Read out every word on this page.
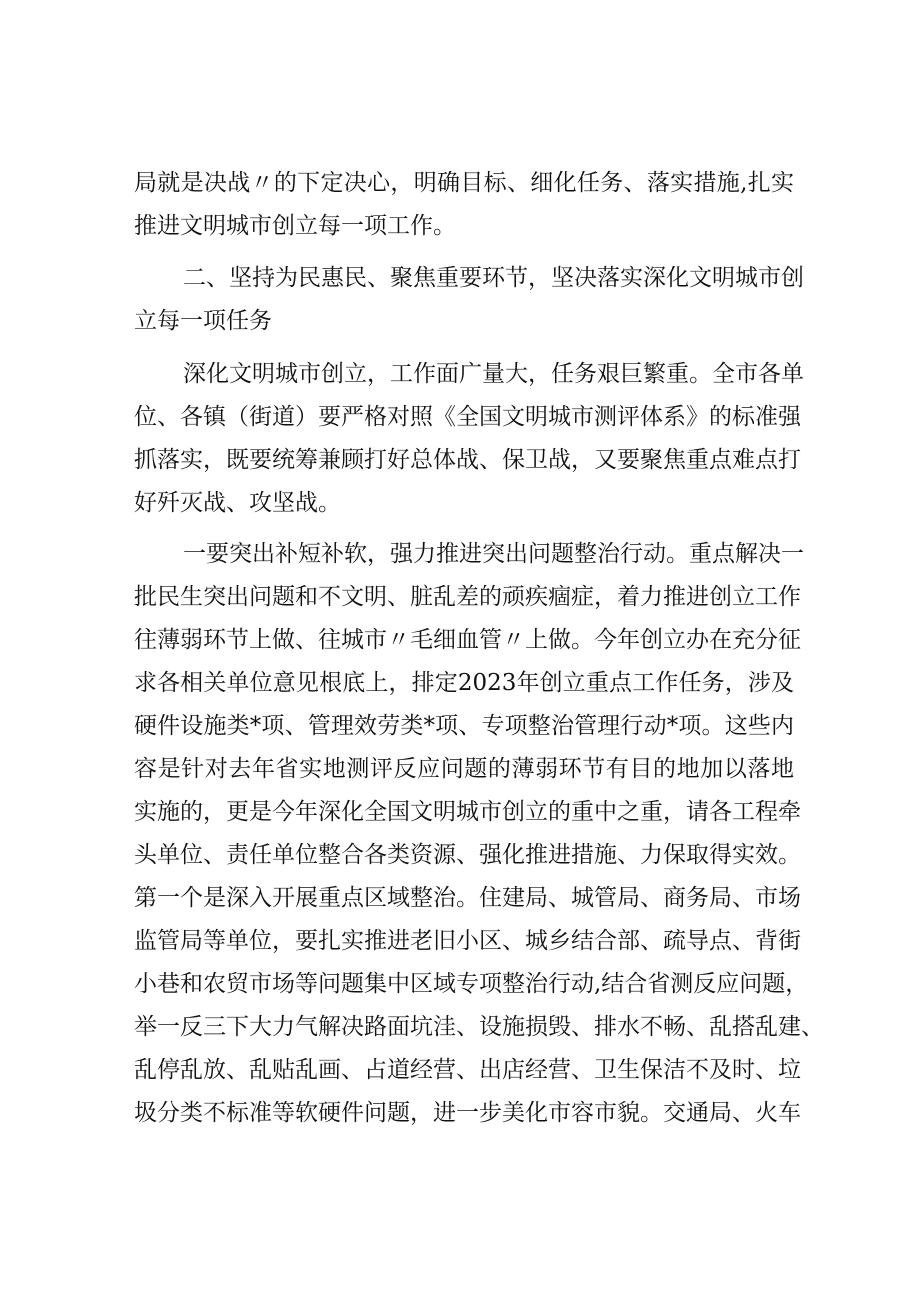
局就是决战〃的下定决心，明确目标、细化任务、落实措施,扎实
推进文明城市创立每一项工作。
二、坚持为民惠民、聚焦重要环节，坚决落实深化文明城市创
立每一项任务
深化文明城市创立，工作面广量大，任务艰巨繁重。全市各单
位、各镇（街道）要严格对照《全国文明城市测评体系》的标准强
抓落实，既要统筹兼顾打好总体战、保卫战，又要聚焦重点难点打
好歼灭战、攻坚战。
一要突出补短补软，强力推进突出问题整治行动。重点解决一
批民生突出问题和不文明、脏乱差的顽疾痼症，着力推进创立工作
往薄弱环节上做、往城市〃毛细血管〃上做。今年创立办在充分征
求各相关单位意见根底上，排定2023年创立重点工作任务，涉及
硬件设施类*项、管理效劳类*项、专项整治管理行动*项。这些内
容是针对去年省实地测评反应问题的薄弱环节有目的地加以落地
实施的，更是今年深化全国文明城市创立的重中之重，请各工程牵
头单位、责任单位整合各类资源、强化推进措施、力保取得实效。
第一个是深入开展重点区域整治。住建局、城管局、商务局、市场
监管局等单位，要扎实推进老旧小区、城乡结合部、疏导点、背街
小巷和农贸市场等问题集中区域专项整治行动,结合省测反应问题，
举一反三下大力气解决路面坑洼、设施损毁、排水不畅、乱搭乱建、
乱停乱放、乱贴乱画、占道经营、出店经营、卫生保洁不及时、垃
圾分类不标准等软硬件问题，进一步美化市容市貌。交通局、火车
